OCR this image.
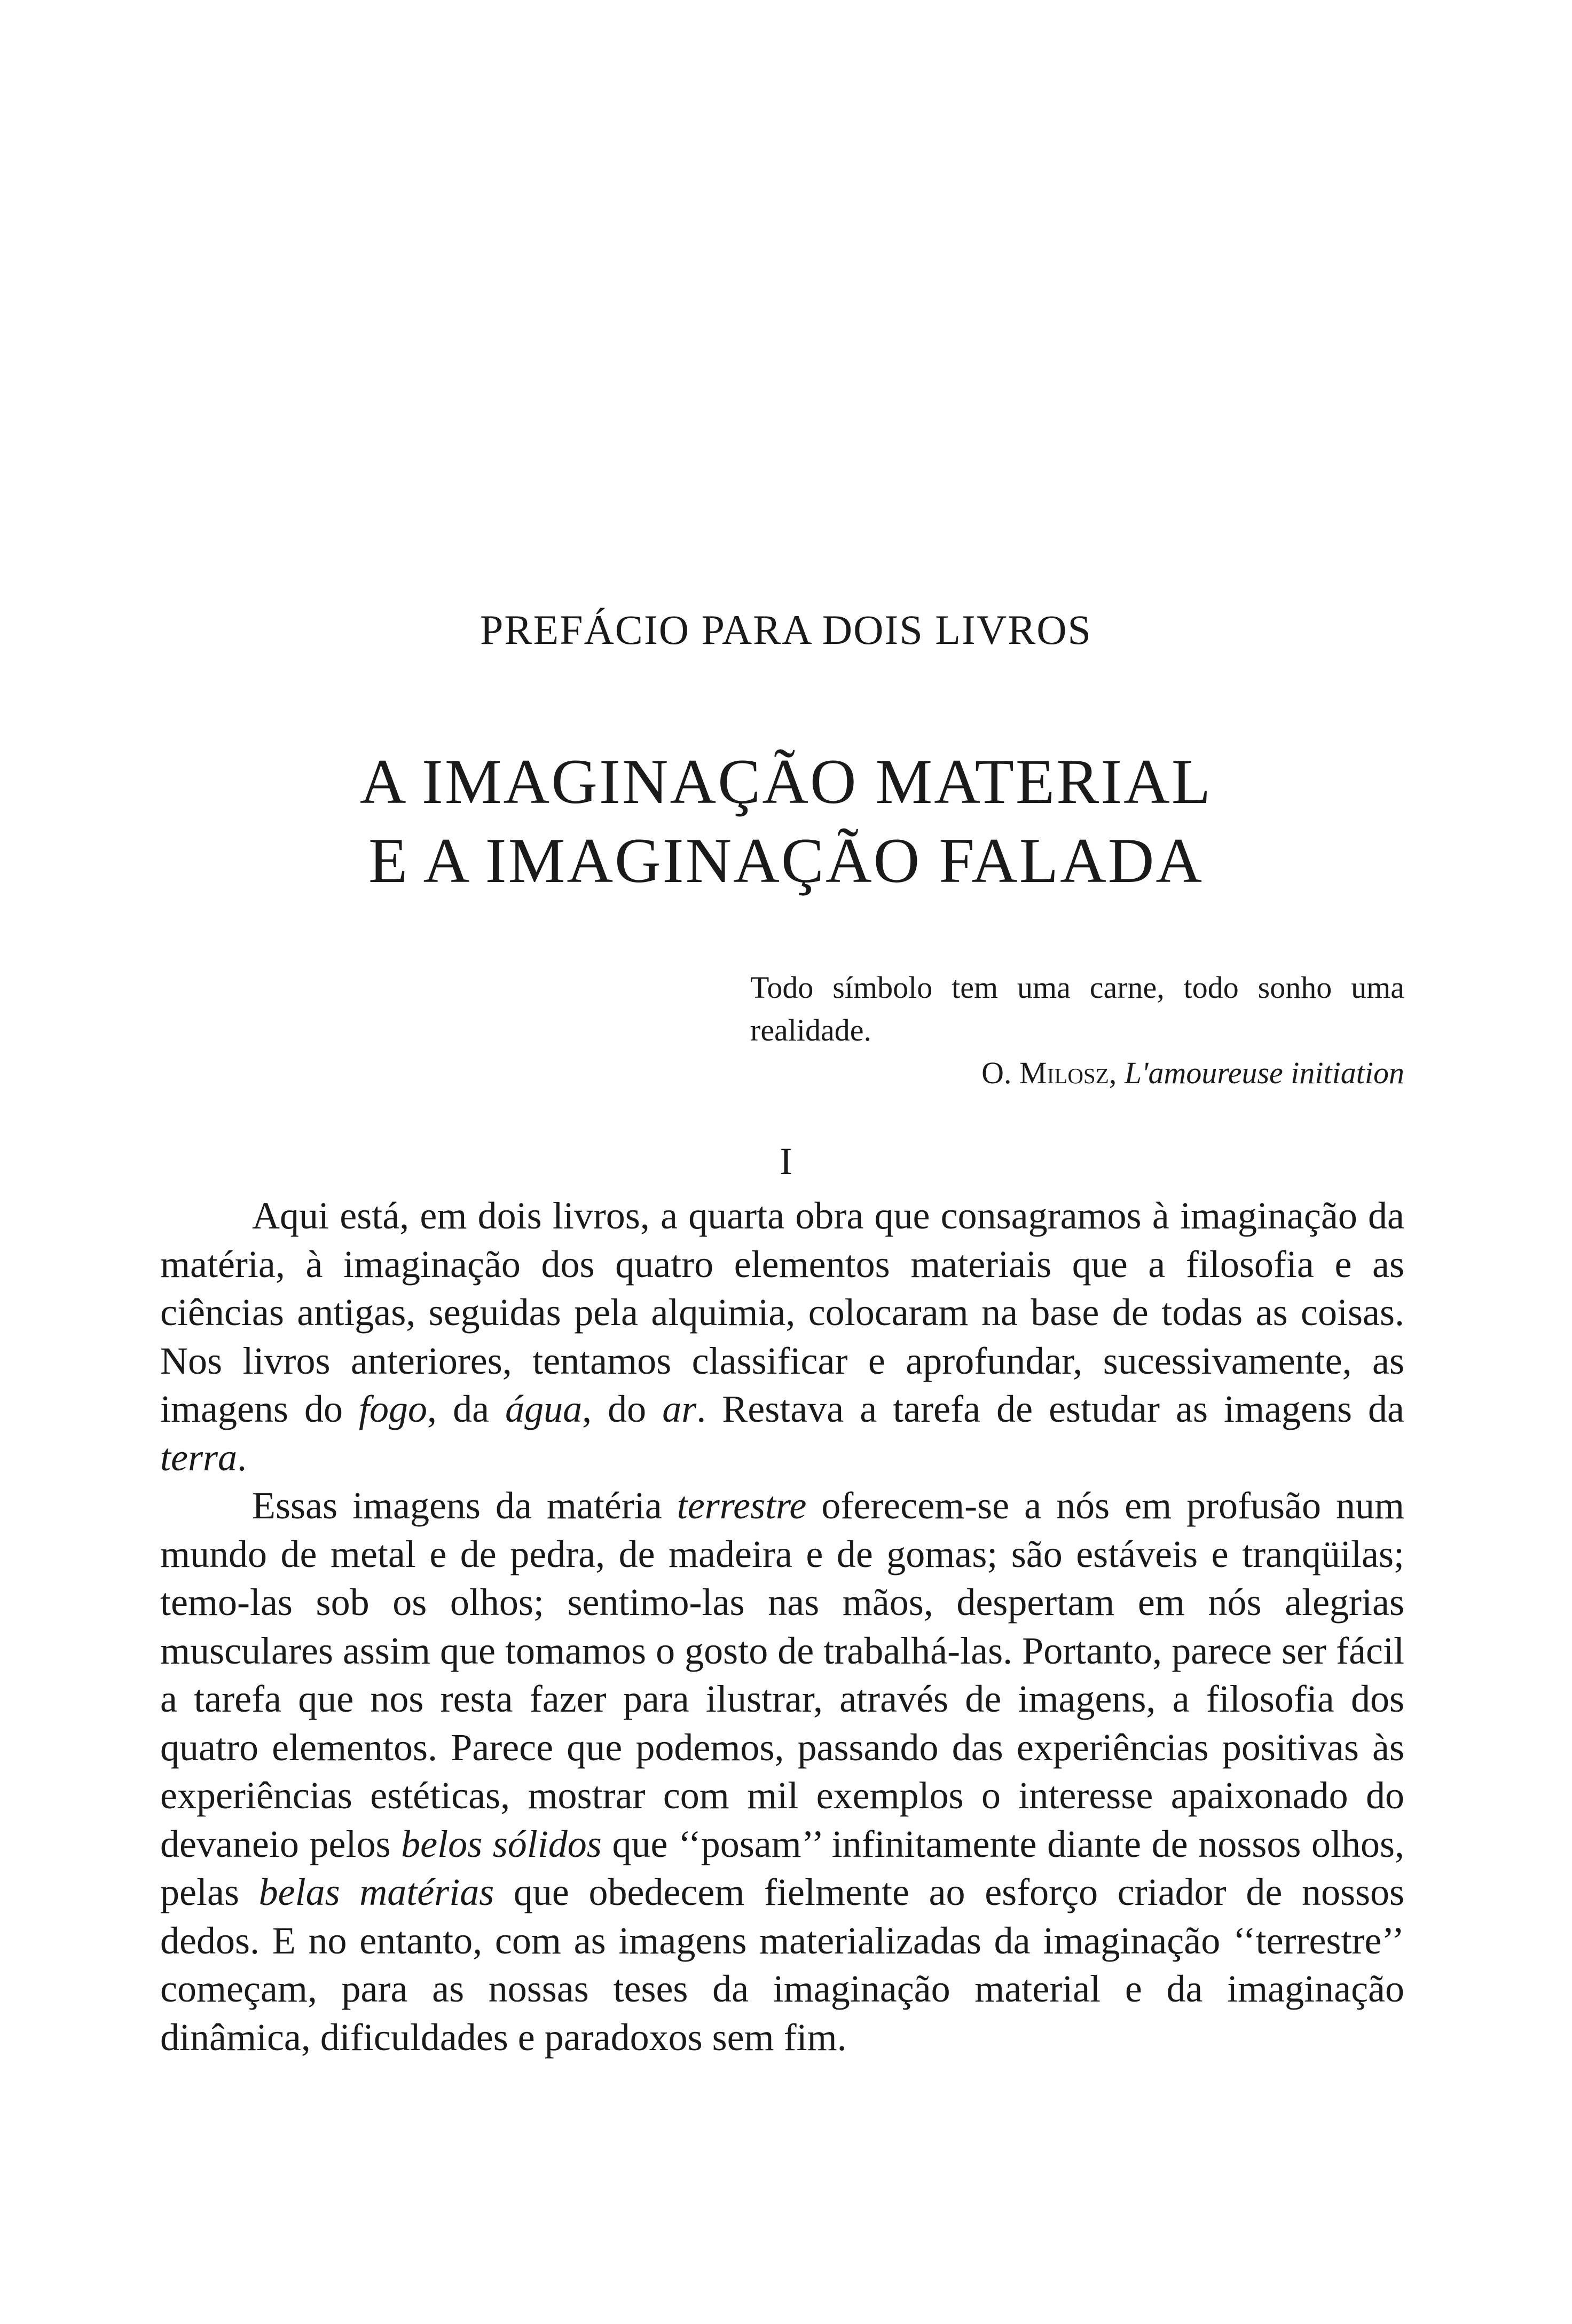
PREFÁCIO PARA DOIS LIVROS
A IMAGINAÇÃO MATERIAL
E A IMAGINAÇÃO FALADA
Todo símbolo tem uma carne, todo sonho uma realidade.
O. Milosz, L'amoureuse initiation
I

Aqui está, em dois livros, a quarta obra que consagramos à imaginação da matéria, à imaginação dos quatro elementos materiais que a filosofia e as ciências antigas, seguidas pela alquimia, colocaram na base de todas as coisas. Nos livros anteriores, tentamos classificar e aprofundar, sucessivamente, as imagens do fogo, da água, do ar. Restava a tarefa de estudar as imagens da terra.

Essas imagens da matéria terrestre oferecem-se a nós em profusão num mundo de metal e de pedra, de madeira e de gomas; são estáveis e tranqüilas; temo-las sob os olhos; sentimo-las nas mãos, despertam em nós alegrias musculares assim que tomamos o gosto de trabalhá-las. Portanto, parece ser fácil a tarefa que nos resta fazer para ilustrar, através de imagens, a filosofia dos quatro elementos. Parece que podemos, passando das experiências positivas às experiências estéticas, mostrar com mil exemplos o interesse apaixonado do devaneio pelos belos sólidos que ‘‘posam’’ infinitamente diante de nossos olhos, pelas belas matérias que obedecem fielmente ao esforço criador de nossos dedos. E no entanto, com as imagens materializadas da imaginação ‘‘terrestre’’ começam, para as nossas teses da imaginação material e da imaginação dinâmica, dificuldades e paradoxos sem fim.
